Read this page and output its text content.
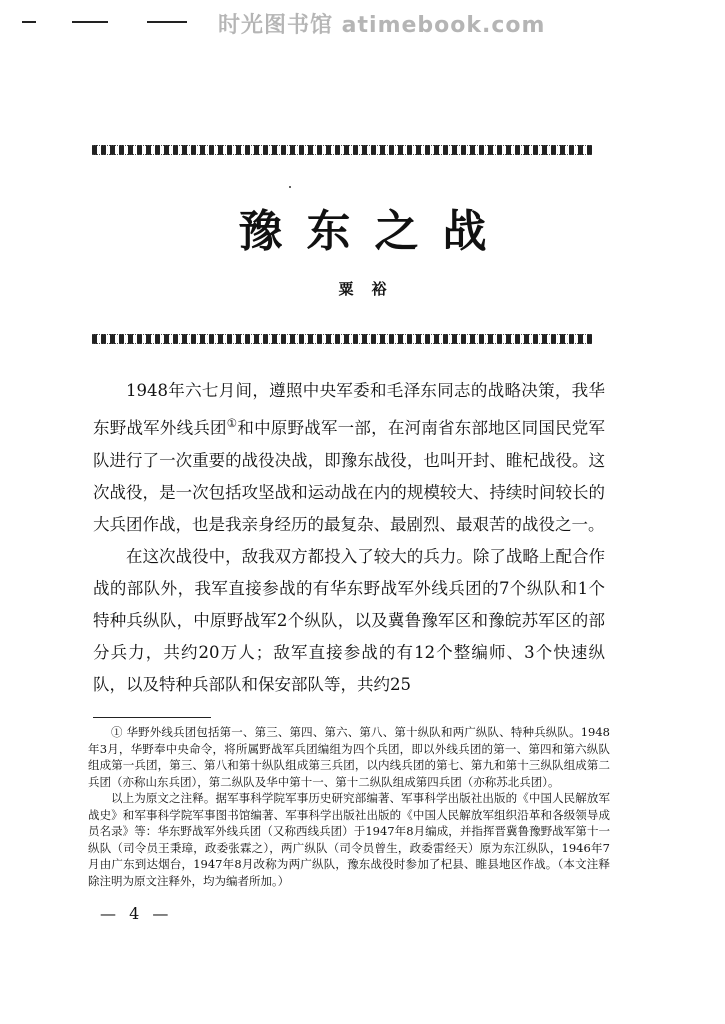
时光图书馆 atimebook.com
豫东之战
粟裕

1948年六七月间，遵照中央军委和毛泽东同志的战略决策，我华东野战军外线兵团①和中原野战军一部，在河南省东部地区同国民党军队进行了一次重要的战役决战，即豫东战役，也叫开封、睢杞战役。这次战役，是一次包括攻坚战和运动战在内的规模较大、持续时间较长的大兵团作战，也是我亲身经历的最复杂、最剧烈、最艰苦的战役之一。

在这次战役中，敌我双方都投入了较大的兵力。除了战略上配合作战的部队外，我军直接参战的有华东野战军外线兵团的7个纵队和1个特种兵纵队，中原野战军2个纵队，以及冀鲁豫军区和豫皖苏军区的部分兵力，共约20万人；敌军直接参战的有12个整编师、3个快速纵队，以及特种兵部队和保安部队等，共约25

① 华野外线兵团包括第一、第三、第四、第六、第八、第十纵队和两广纵队、特种兵纵队。1948年3月，华野奉中央命令，将所属野战军兵团编组为四个兵团，即以外线兵团的第一、第四和第六纵队组成第一兵团，第三、第八和第十纵队组成第三兵团，以内线兵团的第七、第九和第十三纵队组成第二兵团（亦称山东兵团），第二纵队及华中第十一、第十二纵队组成第四兵团（亦称苏北兵团）。

以上为原文之注释。据军事科学院军事历史研究部编著、军事科学出版社出版的《中国人民解放军战史》和军事科学院军事图书馆编著、军事科学出版社出版的《中国人民解放军组织沿革和各级领导成员名录》等：华东野战军外线兵团（又称西线兵团）于1947年8月编成，并指挥晋冀鲁豫野战军第十一纵队（司令员王秉璋，政委张霖之），两广纵队（司令员曾生，政委雷经天）原为东江纵队，1946年7月由广东到达烟台，1947年8月改称为两广纵队，豫东战役时参加了杞县、睢县地区作战。（本文注释除注明为原文注释外，均为编者所加。）

— 4 —
